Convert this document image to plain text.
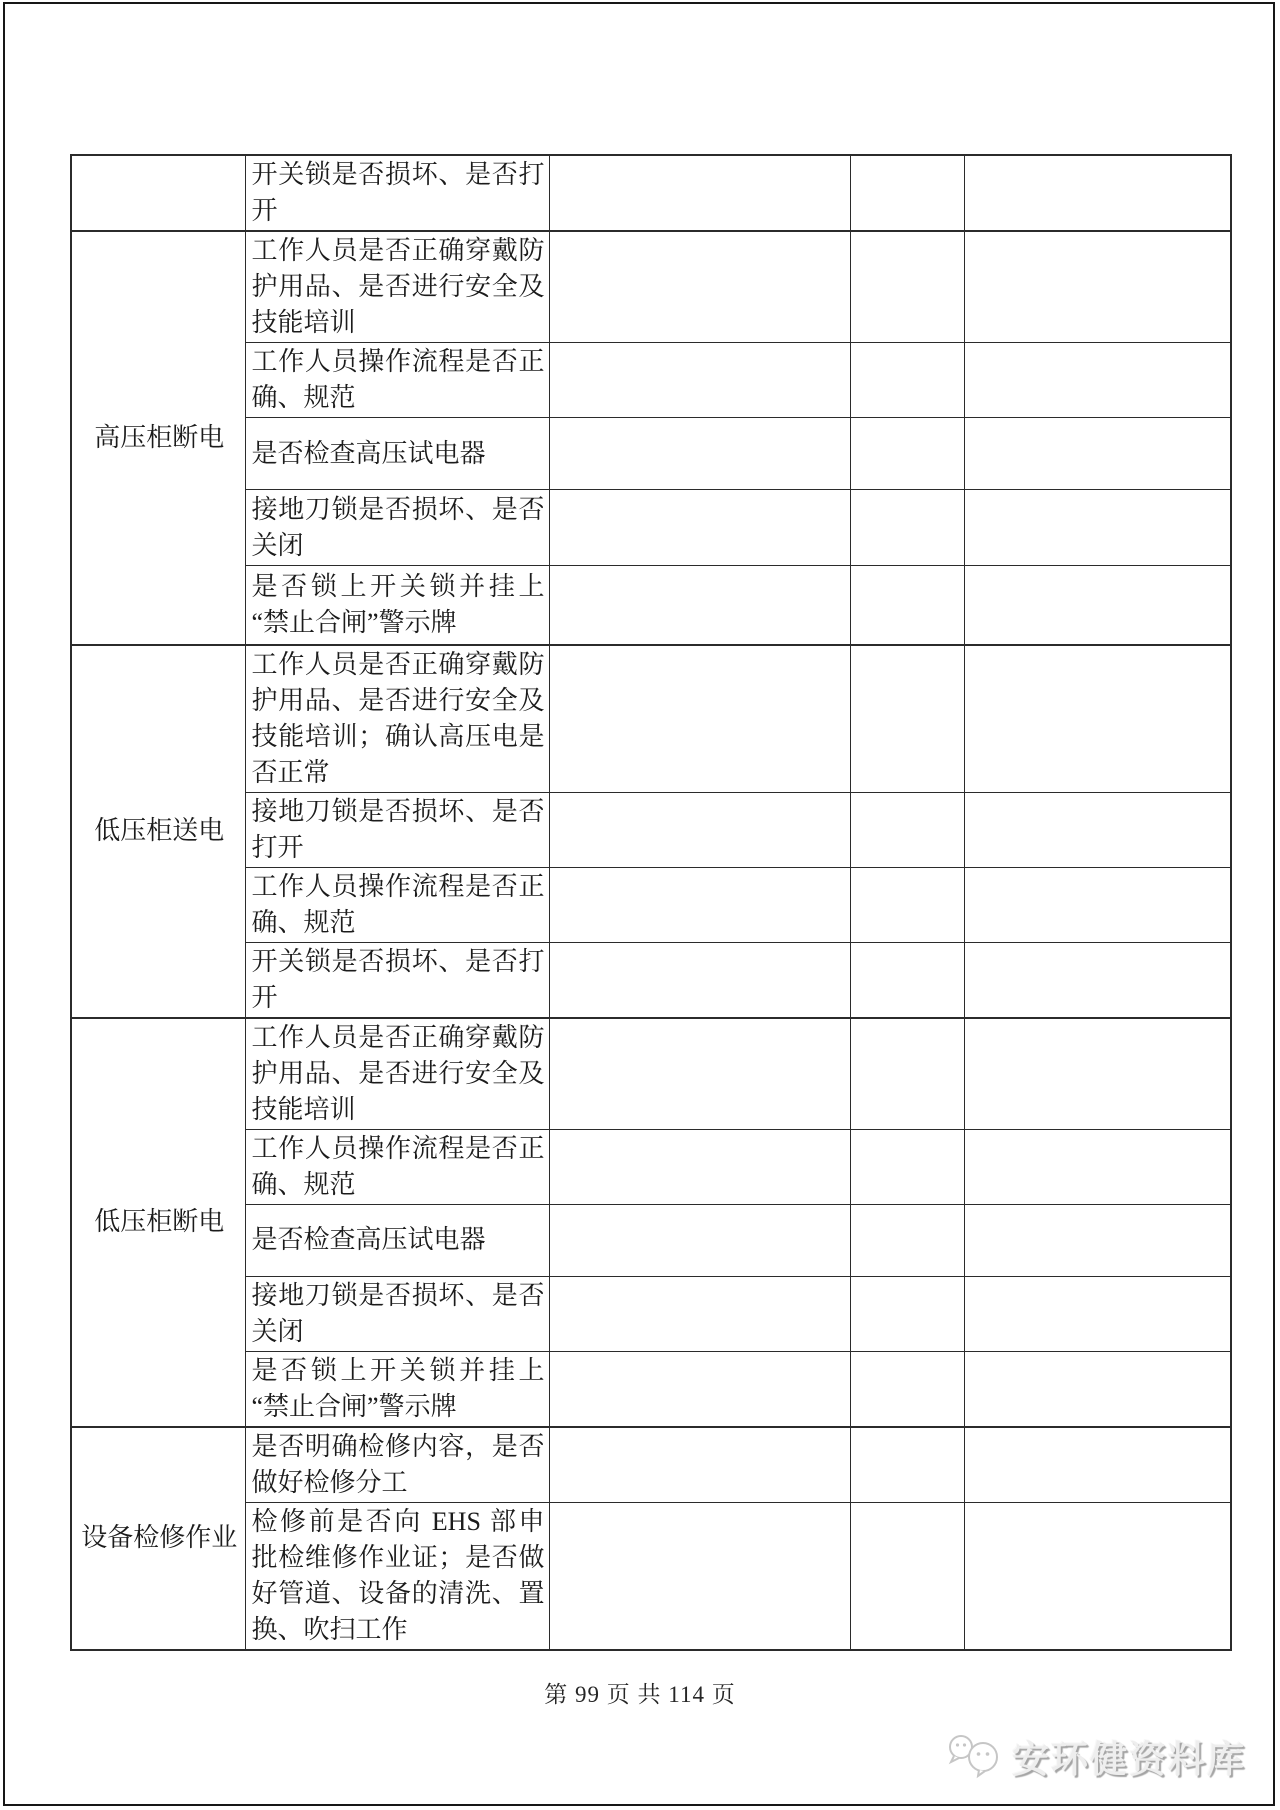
	开关锁是否损坏、是否打开			
高压柜断电	工作人员是否正确穿戴防护用品、是否进行安全及技能培训			
	工作人员操作流程是否正确、规范			
	是否检查高压试电器			
	接地刀锁是否损坏、是否关闭			
	是否锁上开关锁并挂上“禁止合闸”警示牌			
低压柜送电	工作人员是否正确穿戴防护用品、是否进行安全及技能培训；确认高压电是否正常			
	接地刀锁是否损坏、是否打开			
	工作人员操作流程是否正确、规范			
	开关锁是否损坏、是否打开			
低压柜断电	工作人员是否正确穿戴防护用品、是否进行安全及技能培训			
	工作人员操作流程是否正确、规范			
	是否检查高压试电器			
	接地刀锁是否损坏、是否关闭			
	是否锁上开关锁并挂上“禁止合闸”警示牌			
设备检修作业	是否明确检修内容，是否做好检修分工			
	检修前是否向 EHS 部申批检维修作业证；是否做好管道、设备的清洗、置换、吹扫工作			
第 99 页 共 114 页
安环健资料库
